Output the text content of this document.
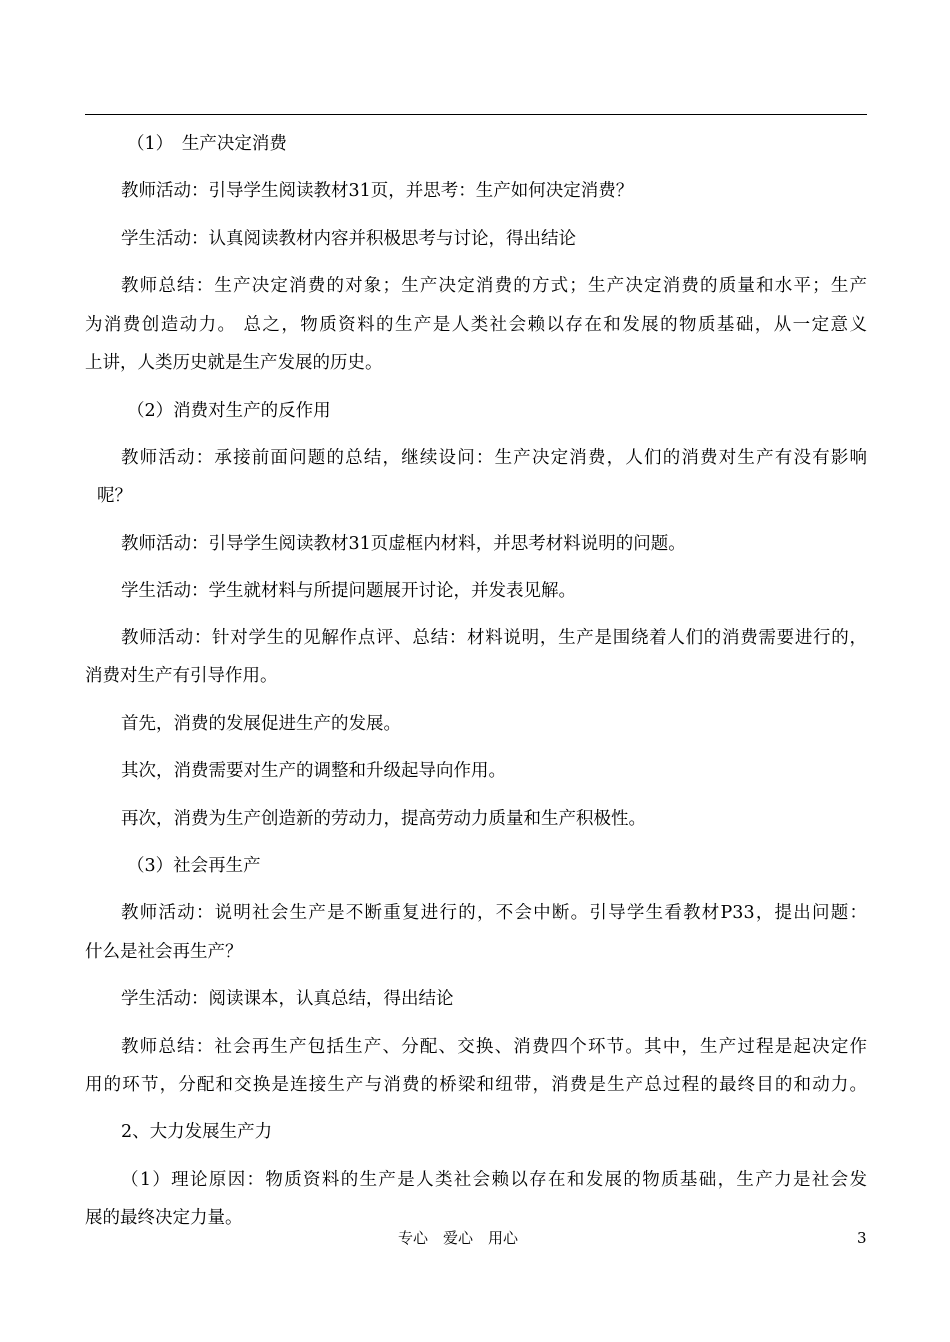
（1）　生产决定消费
教师活动：引导学生阅读教材31页，并思考：生产如何决定消费？
学生活动：认真阅读教材内容并积极思考与讨论，得出结论
教师总结：生产决定消费的对象；生产决定消费的方式；生产决定消费的质量和水平；生产
为消费创造动力。 总之，物质资料的生产是人类社会赖以存在和发展的物质基础，从一定意义
上讲，人类历史就是生产发展的历史。
（2）消费对生产的反作用
教师活动：承接前面问题的总结，继续设问：生产决定消费，人们的消费对生产有没有影响
呢？
教师活动：引导学生阅读教材31页虚框内材料，并思考材料说明的问题。
学生活动：学生就材料与所提问题展开讨论，并发表见解。
教师活动：针对学生的见解作点评、总结：材料说明，生产是围绕着人们的消费需要进行的，
消费对生产有引导作用。
首先，消费的发展促进生产的发展。
其次，消费需要对生产的调整和升级起导向作用。
再次，消费为生产创造新的劳动力，提高劳动力质量和生产积极性。
（3）社会再生产
教师活动：说明社会生产是不断重复进行的，不会中断。引导学生看教材P33，提出问题：
什么是社会再生产？
学生活动：阅读课本，认真总结，得出结论
教师总结：社会再生产包括生产、分配、交换、消费四个环节。其中，生产过程是起决定作
用的环节，分配和交换是连接生产与消费的桥梁和纽带，消费是生产总过程的最终目的和动力。
2、大力发展生产力
（1）理论原因：物质资料的生产是人类社会赖以存在和发展的物质基础，生产力是社会发
展的最终决定力量。
专心　爱心　用心	3
